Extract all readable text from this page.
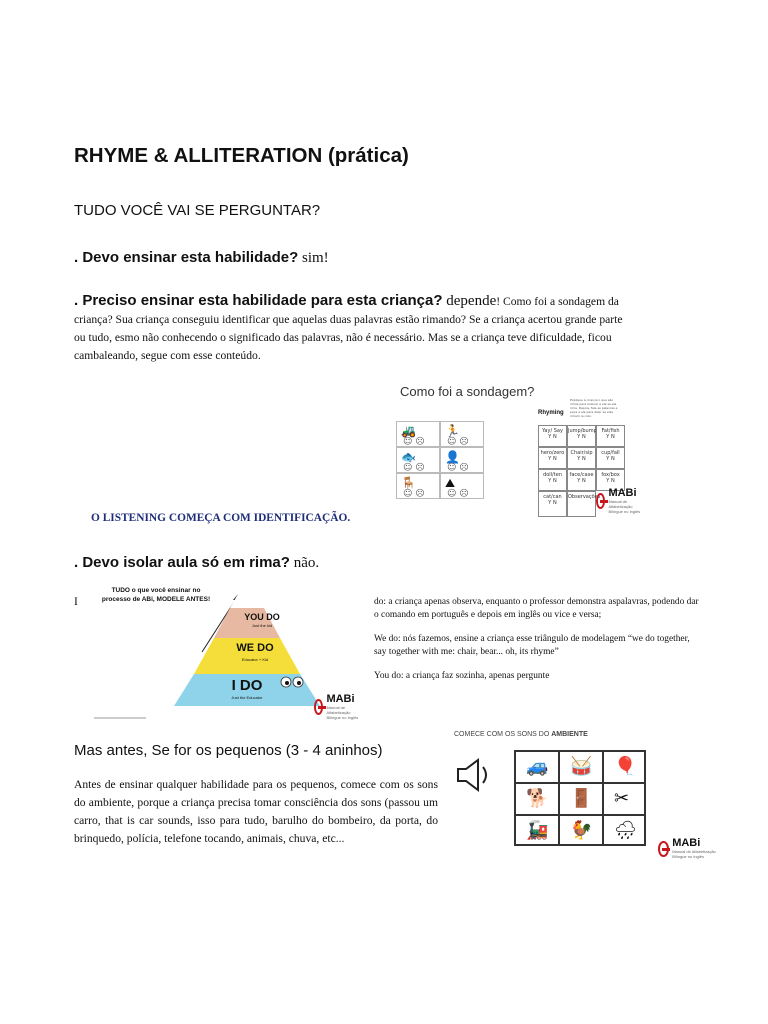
RHYME & ALLITERATION (prática)
TUDO VOCÊ VAI SE PERGUNTAR?
. Devo ensinar esta habilidade? sim!
. Preciso ensinar esta habilidade para esta criança? depende! Como foi a sondagem da criança? Sua criança conseguiu identificar que aquelas duas palavras estão rimando? Se a criança acertou grande parte ou tudo, esmo não conhecendo o significado das palavras, não é necessário. Mas se a criança teve dificuldade, ficou cambaleando, segue com esse conteúdo.
Como foi a sondagem?
🚜
☺ ☹
🏃
☺ ☹
🐟
☺ ☹
👤
☺ ☹
🪑
☺ ☹
⛰
☺ ☹
Rhyming
Explique à criança o que são rimas para ensinar a ela se ela rima. Depois, fale as palavras e peça a ela para dizer se elas rimam ou não.
Yay/ Say
Y N
Jump/bump
Y N
Fat/fish
Y N
hero/zero
Y N
Chair/sip
Y N
cup/fall
Y N
doll/ten
Y N
face/case
Y N
fox/box
Y N
cat/can
Y N
Observações MABi
Manual de Alfabetização Bilíngue no Inglês
O LISTENING COMEÇA COM IDENTIFICAÇÃO.
. Devo isolar aula só em rima? não.
I
TUDO o que você ensinar no processo de ABi, MODELE ANTES!
YOU DO
Just the kid
WE DO
Educator + Kid
I DO
Just the Educator	MABi
Manual de Alfabetização Bilíngue no Inglês
do: a criança apenas observa, enquanto o professor demonstra aspalavras, podendo dar o comando em português e depois em inglês ou vice e versa;
We do: nós fazemos, ensine a criança esse triângulo de modelagem “we do together, say together with me: chair, bear... oh, its rhyme”
You do: a criança faz sozinha, apenas pergunte
Mas antes, Se for os pequenos (3 - 4 aninhos)
Antes de ensinar qualquer habilidade para os pequenos, comece com os sons do ambiente, porque a criança precisa tomar consciência dos sons (passou um carro, that is car sounds, isso para tudo, barulho do bombeiro, da porta, do brinquedo, polícia, telefone tocando, animais, chuva, etc...
COMECE COM OS SONS DO AMBIENTE
🚙 🥁 🎈
🐕 🚪 ✂
🚂 🐓 🌧
MABi
Manual de Alfabetização Bilíngue no Inglês
